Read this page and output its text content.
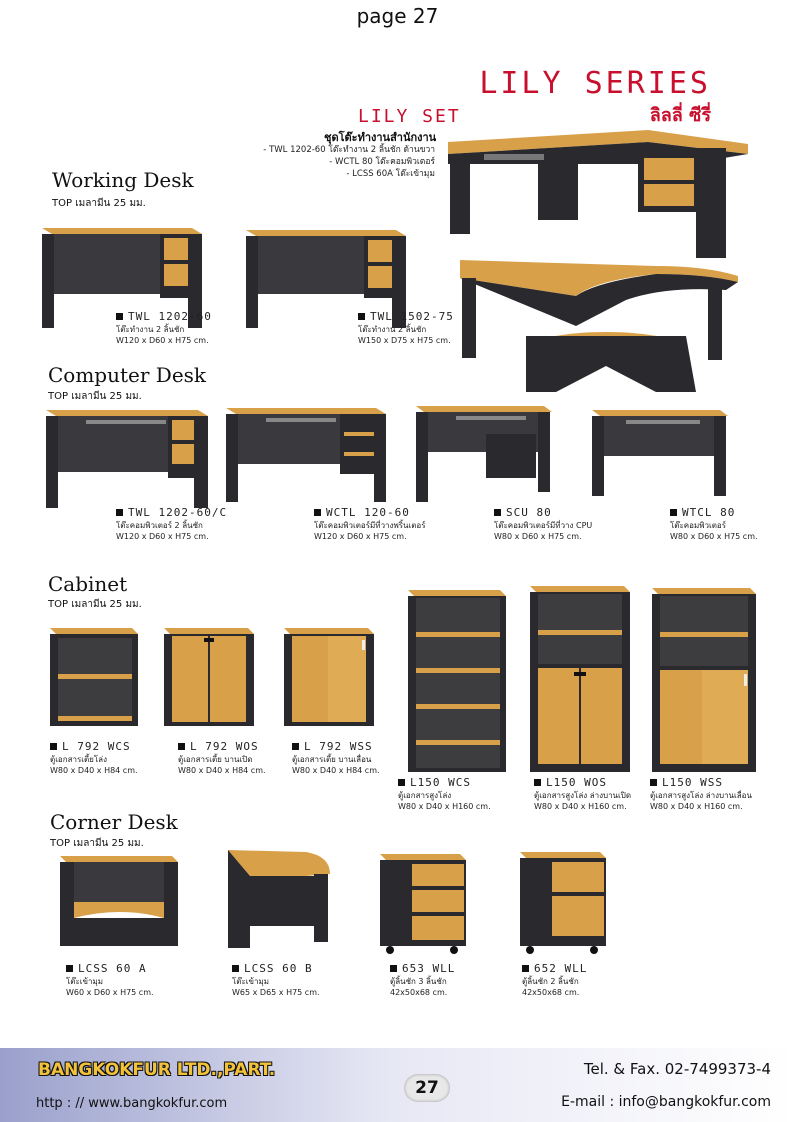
page 27
LILY SERIES
ลิลลี่ ซีรี่
LILY SET
ชุดโต๊ะทำงานสำนักงาน
- TWL 1202-60 โต๊ะทำงาน 2 ลิ้นชัก ด้านขวา
- WCTL 80 โต๊ะคอมพิวเตอร์
- LCSS 60A โต๊ะเข้ามุม
Working Desk
TOP เมลามีน 25 มม.
TWL 1202-60
โต๊ะทำงาน 2 ลิ้นชัก
W120 x D60 x H75 cm.
TWL 1502-75
โต๊ะทำงาน 2 ลิ้นชัก
W150 x D75 x H75 cm.
Computer Desk
TOP เมลามีน 25 มม.
TWL 1202-60/C
โต๊ะคอมพิวเตอร์ 2 ลิ้นชัก
W120 x D60 x H75 cm.
WCTL 120-60
โต๊ะคอมพิวเตอร์มีที่วางพริ้นเตอร์
W120 x D60 x H75 cm.
SCU 80
โต๊ะคอมพิวเตอร์มีที่วาง CPU
W80 x D60 x H75 cm.
WTCL 80
โต๊ะคอมพิวเตอร์
W80 x D60 x H75 cm.
Cabinet
TOP เมลามีน 25 มม.
L 792 WCS
ตู้เอกสารเตี้ยโล่ง
W80 x D40 x H84 cm.
L 792 WOS
ตู้เอกสารเตี้ย บานเปิด
W80 x D40 x H84 cm.
L 792 WSS
ตู้เอกสารเตี้ย บานเลื่อน
W80 x D40 x H84 cm.
L150 WCS
ตู้เอกสารสูงโล่ง
W80 x D40 x H160 cm.
L150 WOS
ตู้เอกสารสูงโล่ง ล่างบานเปิด
W80 x D40 x H160 cm.
L150 WSS
ตู้เอกสารสูงโล่ง ล่างบานเลื่อน
W80 x D40 x H160 cm.
Corner Desk
TOP เมลามีน 25 มม.
LCSS 60 A
โต๊ะเข้ามุม
W60 x D60 x H75 cm.
LCSS 60 B
โต๊ะเข้ามุม
W65 x D65 x H75 cm.
653 WLL
ตู้ลิ้นชัก 3 ลิ้นชัก
42x50x68 cm.
652 WLL
ตู้ลิ้นชัก 2 ลิ้นชัก
42x50x68 cm.
BANGKOKFUR LTD.,PART.
http : // www.bangkokfur.com
27
Tel. & Fax. 02-7499373-4
E-mail : info@bangkokfur.com
